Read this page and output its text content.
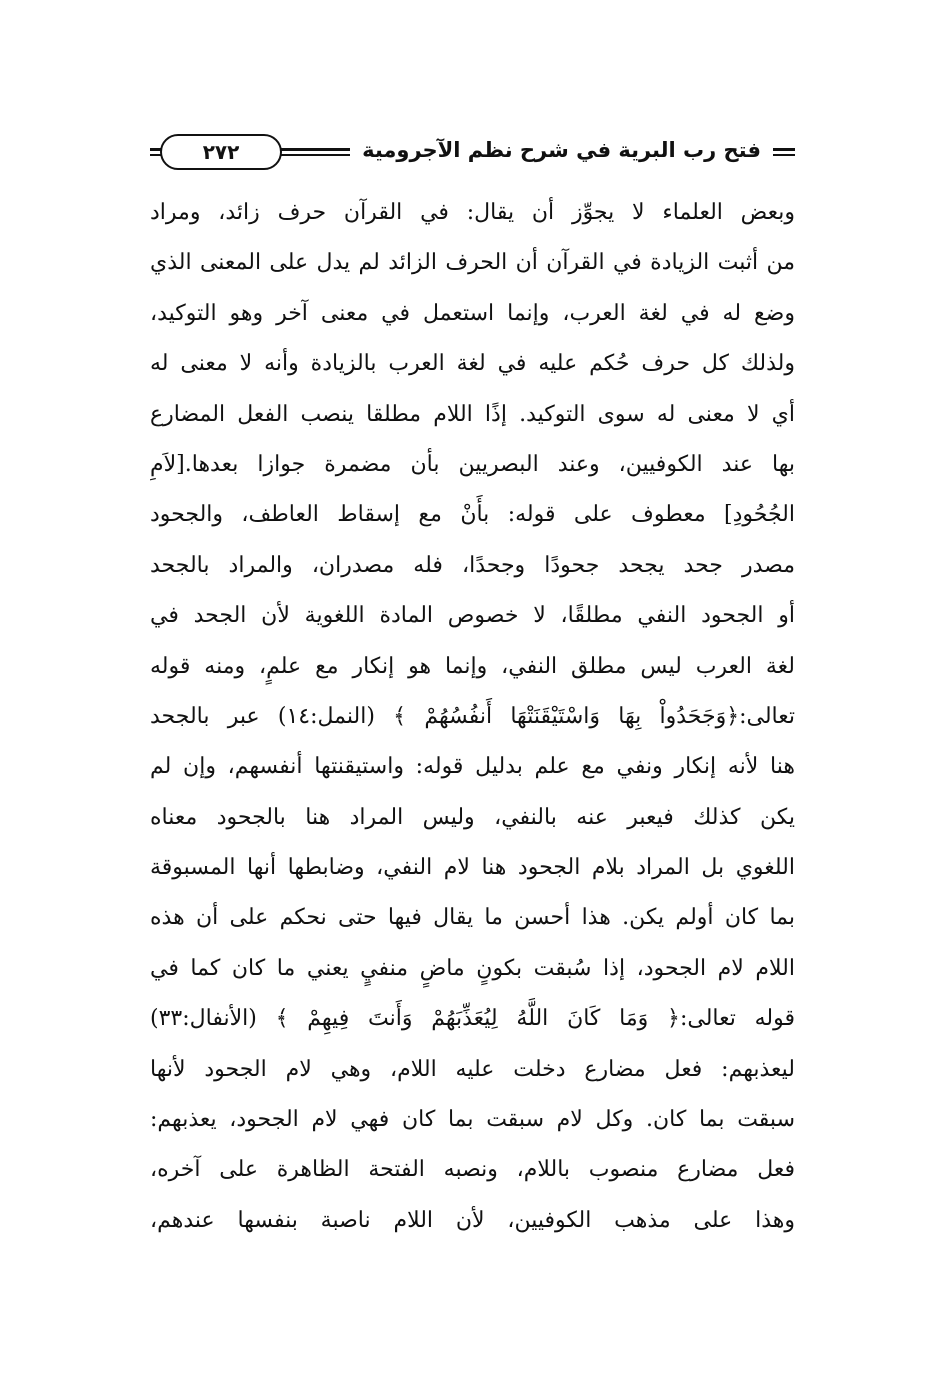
فتح رب البرية في شرح نظم الآجرومية
٢٧٢
وبعض العلماء لا يجوِّز أن يقال: في القرآن حرف زائد، ومراد
من أثبت الزيادة في القرآن أن الحرف الزائد لم يدل على المعنى الذي
وضع له في لغة العرب، وإنما استعمل في معنى آخر وهو التوكيد،
ولذلك كل حرف حُكم عليه في لغة العرب بالزيادة وأنه لا معنى له
أي لا معنى له سوى التوكيد. إذًا اللام مطلقا ينصب الفعل المضارع
بها عند الكوفيين، وعند البصريين بأن مضمرة جوازا بعدها.[لاَمِ
الجُحُودِ] معطوف على قوله: بأَنْ مع إسقاط العاطف، والجحود
مصدر جحد يجحد جحودًا وجحدًا، فله مصدران، والمراد بالجحد
أو الجحود النفي مطلقًا، لا خصوص المادة اللغوية لأن الجحد في
لغة العرب ليس مطلق النفي، وإنما هو إنكار مع علمٍ، ومنه قوله
تعالى:﴿وَجَحَدُواْ بِهَا وَاسْتَيْقَنَتْهَا أَنفُسُهُمْ ﴾ (النمل:١٤) عبر بالجحد
هنا لأنه إنكار ونفي مع علم بدليل قوله: واستيقنتها أنفسهم، وإن لم
يكن كذلك فيعبر عنه بالنفي، وليس المراد هنا بالجحود معناه
اللغوي بل المراد بلام الجحود هنا لام النفي، وضابطها أنها المسبوقة
بما كان أولم يكن. هذا أحسن ما يقال فيها حتى نحكم على أن هذه
اللام لام الجحود، إذا سُبقت بكونٍ ماضٍ منفيٍ يعني ما كان كما في
قوله تعالى:﴿ وَمَا كَانَ اللَّهُ لِيُعَذِّبَهُمْ وَأَنتَ فِيهِمْ ﴾ (الأنفال:٣٣)
ليعذبهم: فعل مضارع دخلت عليه اللام، وهي لام الجحود لأنها
سبقت بما كان. وكل لام سبقت بما كان فهي لام الجحود، يعذبهم:
فعل مضارع منصوب باللام، ونصبه الفتحة الظاهرة على آخره،
وهذا على مذهب الكوفيين، لأن اللام ناصبة بنفسها عندهم،
